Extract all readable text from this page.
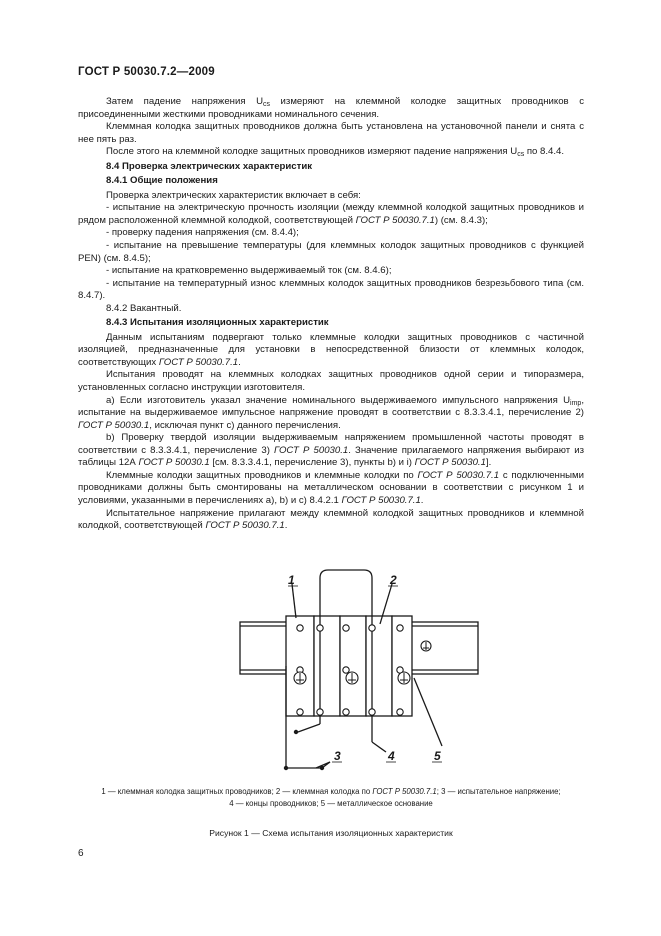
ГОСТ Р 50030.7.2—2009

Затем падение напряжения $U_{cs}$ измеряют на клеммной колодке защитных проводников с присоединенными жесткими проводниками номинального сечения.

Клеммная колодка защитных проводников должна быть установлена на установочной панели и снята с нее пять раз.

После этого на клеммной колодке защитных проводников измеряют падение напряжения $U_{cs}$ по 8.4.4.

8.4 Проверка электрических характеристик

8.4.1 Общие положения

Проверка электрических характеристик включает в себя:

- испытание на электрическую прочность изоляции (между клеммной колодкой защитных проводников и рядом расположенной клеммной колодкой, соответствующей ГОСТ Р 50030.7.1) (см. 8.4.3);

- проверку падения напряжения (см. 8.4.4);

- испытание на превышение температуры (для клеммных колодок защитных проводников с функцией PEN) (см. 8.4.5);

- испытание на кратковременно выдерживаемый ток (см. 8.4.6);

- испытание на температурный износ клеммных колодок защитных проводников безрезьбового типа (см. 8.4.7).

8.4.2 Вакантный.

8.4.3 Испытания изоляционных характеристик

Данным испытаниям подвергают только клеммные колодки защитных проводников с частичной изоляцией, предназначенные для установки в непосредственной близости от клеммных колодок, соответствующих ГОСТ Р 50030.7.1.

Испытания проводят на клеммных колодках защитных проводников одной серии и типоразмера, установленных согласно инструкции изготовителя.

a) Если изготовитель указал значение номинального выдерживаемого импульсного напряжения $U_{imp}$, испытание на выдерживаемое импульсное напряжение проводят в соответствии с 8.3.3.4.1, перечисление 2) ГОСТ Р 50030.1, исключая пункт c) данного перечисления.

b) Проверку твердой изоляции выдерживаемым напряжением промышленной частоты проводят в соответствии с 8.3.3.4.1, перечисление 3) ГОСТ Р 50030.1. Значение прилагаемого напряжения выбирают из таблицы 12А ГОСТ Р 50030.1 [см. 8.3.3.4.1, перечисление 3), пункты b) и i) ГОСТ Р 50030.1].

Клеммные колодки защитных проводников и клеммные колодки по ГОСТ Р 50030.7.1 с подключенными проводниками должны быть смонтированы на металлическом основании в соответствии с рисунком 1 и условиями, указанными в перечислениях a), b) и c) 8.4.2.1 ГОСТ Р 50030.7.1.

Испытательное напряжение прилагают между клеммной колодкой защитных проводников и клеммной колодкой, соответствующей ГОСТ Р 50030.7.1.

1	2
3	4	5
1 — клеммная колодка защитных проводников; 2 — клеммная колодка по ГОСТ Р 50030.7.1; 3 — испытательное напряжение;
4 — концы проводников; 5 — металлическое основание
Рисунок 1 — Схема испытания изоляционных характеристик
6
